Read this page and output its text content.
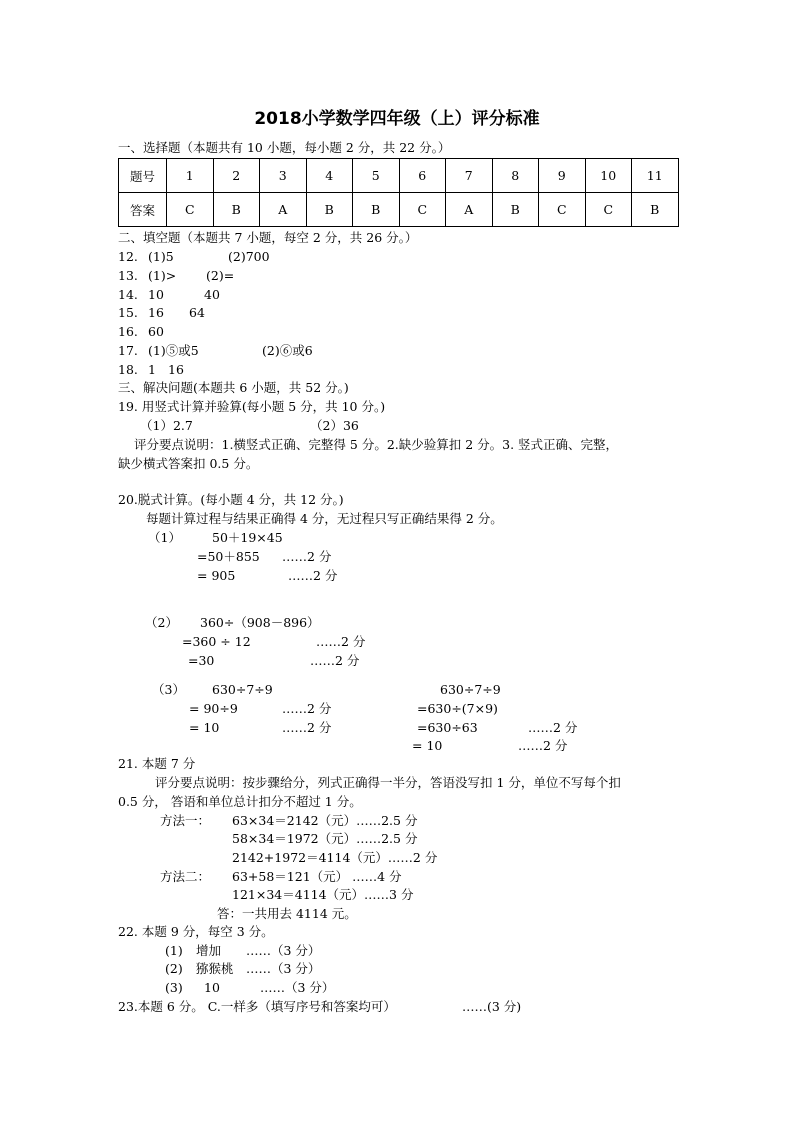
2018小学数学四年级（上）评分标准
一、选择题（本题共有 10 小题，每小题 2 分，共 22 分。）
题号	1	2	3	4	5	6	7	8	9	10	11
答案	C	B	A	B	B	C	A	B	C	C	B
二、填空题（本题共 7 小题，每空 2 分，共 26 分。）
12. (1)5	(2)700
13. (1)> (2)=
14. 10	40
15. 16 64
16. 60
17. (1)⑤或5	(2)⑥或6
18. 1 16
三、解决问题(本题共 6 小题，共 52 分。)
19. 用竖式计算并验算(每小题 5 分，共 10 分。)
（1）2.7	（2）36
评分要点说明：1.横竖式正确、完整得 5 分。2.缺少验算扣 2 分。3. 竖式正确、完整，
缺少横式答案扣 0.5 分。
20.脱式计算。(每小题 4 分，共 12 分。)
每题计算过程与结果正确得 4 分，无过程只写正确结果得 2 分。
（1） 50＋19×45
=50＋855 ……2 分
= 905	……2 分
（2） 360÷（908－896）
=360 ÷ 12	……2 分
=30	……2 分
（3） 630÷7÷9
= 90÷9	……2 分
= 10	……2 分
630÷7÷9
=630÷(7×9)
=630÷63	……2 分
= 10	……2 分
21. 本题 7 分
评分要点说明：按步骤给分，列式正确得一半分，答语没写扣 1 分，单位不写每个扣
0.5 分， 答语和单位总计扣分不超过 1 分。
方法一： 63×34＝2142（元）……2.5 分
58×34＝1972（元）……2.5 分
2142+1972＝4114（元）……2 分
方法二： 63+58＝121（元） ……4 分
121×34＝4114（元）……3 分
答：一共用去 4114 元。
22. 本题 9 分，每空 3 分。
(1) 增加 ……（3 分）
(2) 猕猴桃 ……（3 分）
(3) 10	……（3 分）
23.本题 6 分。 C.一样多（填写序号和答案均可）	……(3 分)
